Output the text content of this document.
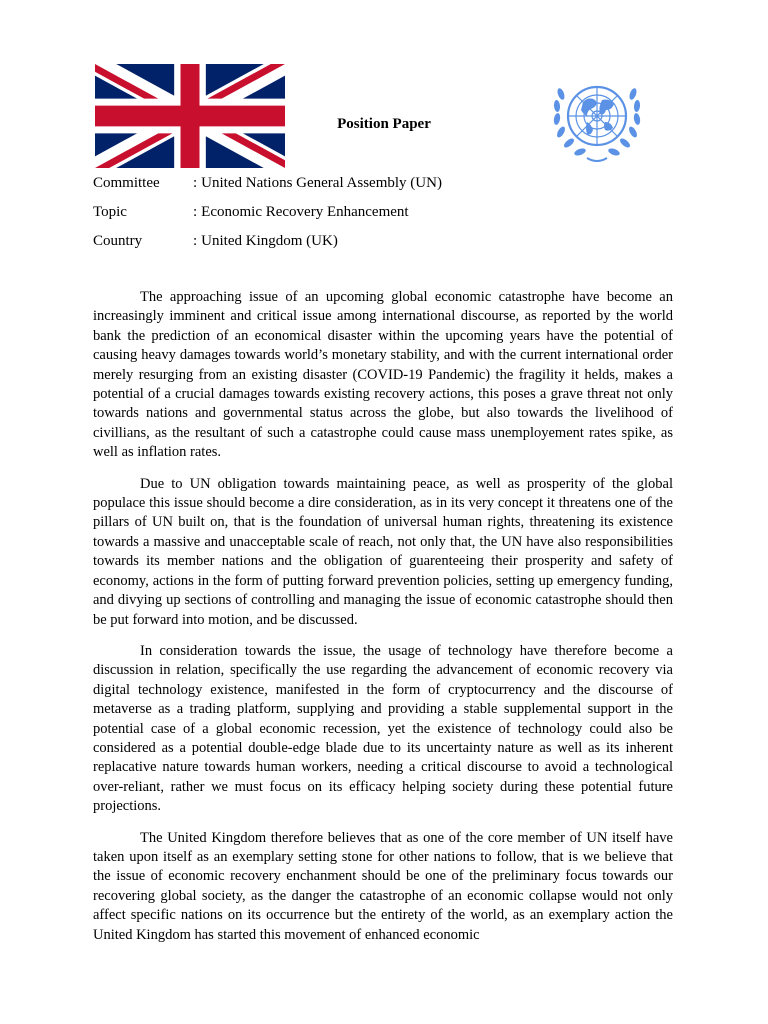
Position Paper
Committee	: United Nations General Assembly (UN)
Topic	: Economic Recovery Enhancement
Country	: United Kingdom (UK)

The approaching issue of an upcoming global economic catastrophe have become an increasingly imminent and critical issue among international discourse, as reported by the world bank the prediction of an economical disaster within the upcoming years have the potential of causing heavy damages towards world’s monetary stability, and with the current international order merely resurging from an existing disaster (COVID-19 Pandemic) the fragility it helds, makes a potential of a crucial damages towards existing recovery actions, this poses a grave threat not only towards nations and governmental status across the globe, but also towards the livelihood of civillians, as the resultant of such a catastrophe could cause mass unemployement rates spike, as well as inflation rates.

Due to UN obligation towards maintaining peace, as well as prosperity of the global populace this issue should become a dire consideration, as in its very concept it threatens one of the pillars of UN built on, that is the foundation of universal human rights, threatening its existence towards a massive and unacceptable scale of reach, not only that, the UN have also responsibilities towards its member nations and the obligation of guarenteeing their prosperity and safety of economy, actions in the form of putting forward prevention policies, setting up emergency funding, and divying up sections of controlling and managing the issue of economic catastrophe should then be put forward into motion, and be discussed.

In consideration towards the issue, the usage of technology have therefore become a discussion in relation, specifically the use regarding the advancement of economic recovery via digital technology existence, manifested in the form of cryptocurrency and the discourse of metaverse as a trading platform, supplying and providing a stable supplemental support in the potential case of a global economic recession, yet the existence of technology could also be considered as a potential double-edge blade due to its uncertainty nature as well as its inherent replacative nature towards human workers, needing a critical discourse to avoid a technological over-reliant, rather we must focus on its efficacy helping society during these potential future projections.

The United Kingdom therefore believes that as one of the core member of UN itself have taken upon itself as an exemplary setting stone for other nations to follow, that is we believe that the issue of economic recovery enchanment should be one of the preliminary focus towards our recovering global society, as the danger the catastrophe of an economic collapse would not only affect specific nations on its occurrence but the entirety of the world, as an exemplary action the United Kingdom has started this movement of enhanced economic
